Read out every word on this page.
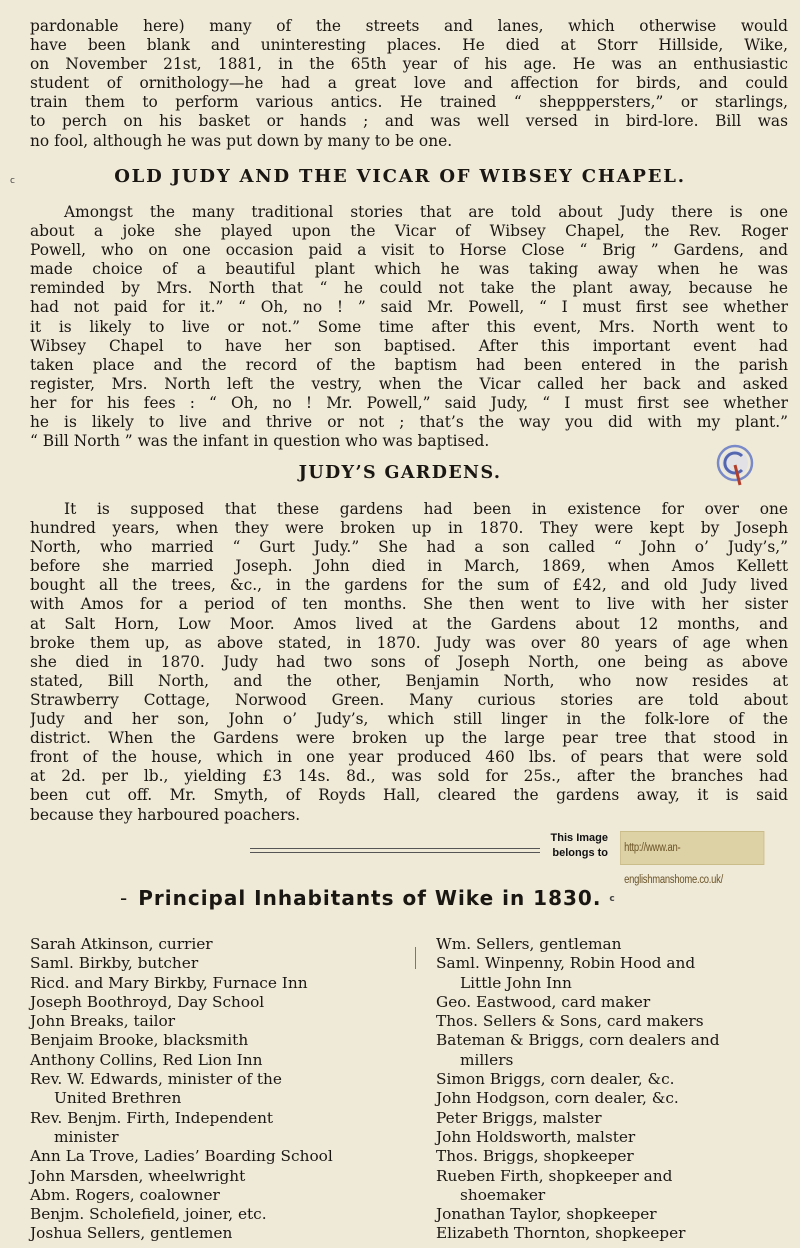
pardonable here) many of the streets and lanes, which otherwise would
have been blank and uninteresting places. He died at Storr Hillside, Wike,
on November 21st, 1881, in the 65th year of his age. He was an enthusiastic
student of ornithology—he had a great love and affection for birds, and could
train them to perform various antics. He trained “ shepppersters,” or starlings,
to perch on his basket or hands ; and was well versed in bird-lore. Bill was
no fool, although he was put down by many to be one.
c	OLD JUDY AND THE VICAR OF WIBSEY CHAPEL.
Amongst the many traditional stories that are told about Judy there is one
about a joke she played upon the Vicar of Wibsey Chapel, the Rev. Roger
Powell, who on one occasion paid a visit to Horse Close “ Brig ” Gardens, and
made choice of a beautiful plant which he was taking away when he was
reminded by Mrs. North that “ he could not take the plant away, because he
had not paid for it.” “ Oh, no ! ” said Mr. Powell, “ I must first see whether
it is likely to live or not.” Some time after this event, Mrs. North went to
Wibsey Chapel to have her son baptised. After this important event had
taken place and the record of the baptism had been entered in the parish
register, Mrs. North left the vestry, when the Vicar called her back and asked
her for his fees : “ Oh, no ! Mr. Powell,” said Judy, “ I must first see whether
he is likely to live and thrive or not ; that’s the way you did with my plant.”
“ Bill North ” was the infant in question who was baptised.
JUDY’S GARDENS.
It is supposed that these gardens had been in existence for over one
hundred years, when they were broken up in 1870. They were kept by Joseph
North, who married “ Gurt Judy.” She had a son called “ John o’ Judy’s,”
before she married Joseph. John died in March, 1869, when Amos Kellett
bought all the trees, &c., in the gardens for the sum of £42, and old Judy lived
with Amos for a period of ten months. She then went to live with her sister
at Salt Horn, Low Moor. Amos lived at the Gardens about 12 months, and
broke them up, as above stated, in 1870. Judy was over 80 years of age when
she died in 1870. Judy had two sons of Joseph North, one being as above
stated, Bill North, and the other, Benjamin North, who now resides at
Strawberry Cottage, Norwood Green. Many curious stories are told about
Judy and her son, John o’ Judy’s, which still linger in the folk-lore of the
district. When the Gardens were broken up the large pear tree that stood in
front of the house, which in one year produced 460 lbs. of pears that were sold
at 2d. per lb., yielding £3 14s. 8d., was sold for 25s., after the branches had
been cut off. Mr. Smyth, of Royds Hall, cleared the gardens away, it is said
because they harboured poachers.
This Image
belongs to	http://www.an-englishmanshome.co.uk/
- Principal Inhabitants of Wike in 1830. $^c$
Sarah Atkinson, currier
Saml. Birkby, butcher
Ricd. and Mary Birkby, Furnace Inn
Joseph Boothroyd, Day School
John Breaks, tailor
Benjaim Brooke, blacksmith
Anthony Collins, Red Lion Inn
Rev. W. Edwards, minister of the
United Brethren
Rev. Benjm. Firth, Independent
minister
Ann La Trove, Ladies’ Boarding School
John Marsden, wheelwright
Abm. Rogers, coalowner
Benjm. Scholefield, joiner, etc.
Joshua Sellers, gentlemen
Wm. Sellers, gentleman
Saml. Winpenny, Robin Hood and
Little John Inn
Geo. Eastwood, card maker
Thos. Sellers & Sons, card makers
Bateman & Briggs, corn dealers and
millers
Simon Briggs, corn dealer, &c.
John Hodgson, corn dealer, &c.
Peter Briggs, malster
John Holdsworth, malster
Thos. Briggs, shopkeeper
Rueben Firth, shopkeeper and
shoemaker
Jonathan Taylor, shopkeeper
Elizabeth Thornton, shopkeeper
